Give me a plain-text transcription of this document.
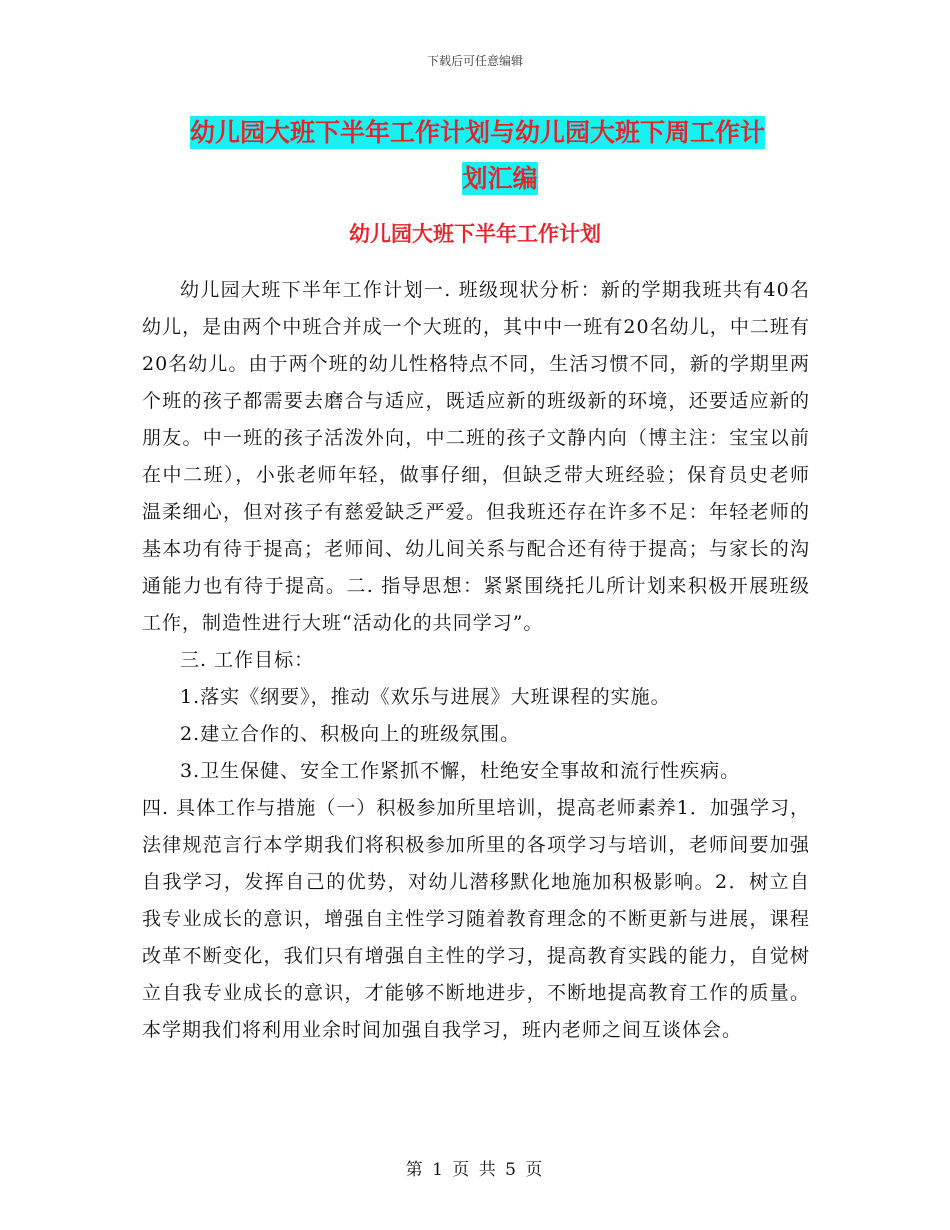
下载后可任意编辑
幼儿园大班下半年工作计划与幼儿园大班下周工作计
划汇编
幼儿园大班下半年工作计划

幼儿园大班下半年工作计划一. 班级现状分析：新的学期我班共有40名幼儿，是由两个中班合并成一个大班的，其中中一班有20名幼儿，中二班有20名幼儿。由于两个班的幼儿性格特点不同，生活习惯不同，新的学期里两个班的孩子都需要去磨合与适应，既适应新的班级新的环境，还要适应新的朋友。中一班的孩子活泼外向，中二班的孩子文静内向（博主注：宝宝以前在中二班），小张老师年轻，做事仔细，但缺乏带大班经验；保育员史老师温柔细心，但对孩子有慈爱缺乏严爱。但我班还存在许多不足：年轻老师的基本功有待于提高；老师间、幼儿间关系与配合还有待于提高；与家长的沟通能力也有待于提高。二. 指导思想：紧紧围绕托儿所计划来积极开展班级工作，制造性进行大班“活动化的共同学习”。

三. 工作目标：

1.落实《纲要》，推动《欢乐与进展》大班课程的实施。

2.建立合作的、积极向上的班级氛围。

3.卫生保健、安全工作紧抓不懈，杜绝安全事故和流行性疾病。

四. 具体工作与措施（一）积极参加所里培训，提高老师素养1．加强学习，法律规范言行本学期我们将积极参加所里的各项学习与培训，老师间要加强自我学习，发挥自己的优势，对幼儿潜移默化地施加积极影响。2．树立自我专业成长的意识，增强自主性学习随着教育理念的不断更新与进展，课程改革不断变化，我们只有增强自主性的学习，提高教育实践的能力，自觉树立自我专业成长的意识，才能够不断地进步，不断地提高教育工作的质量。本学期我们将利用业余时间加强自我学习，班内老师之间互谈体会。

第 1 页 共 5 页
